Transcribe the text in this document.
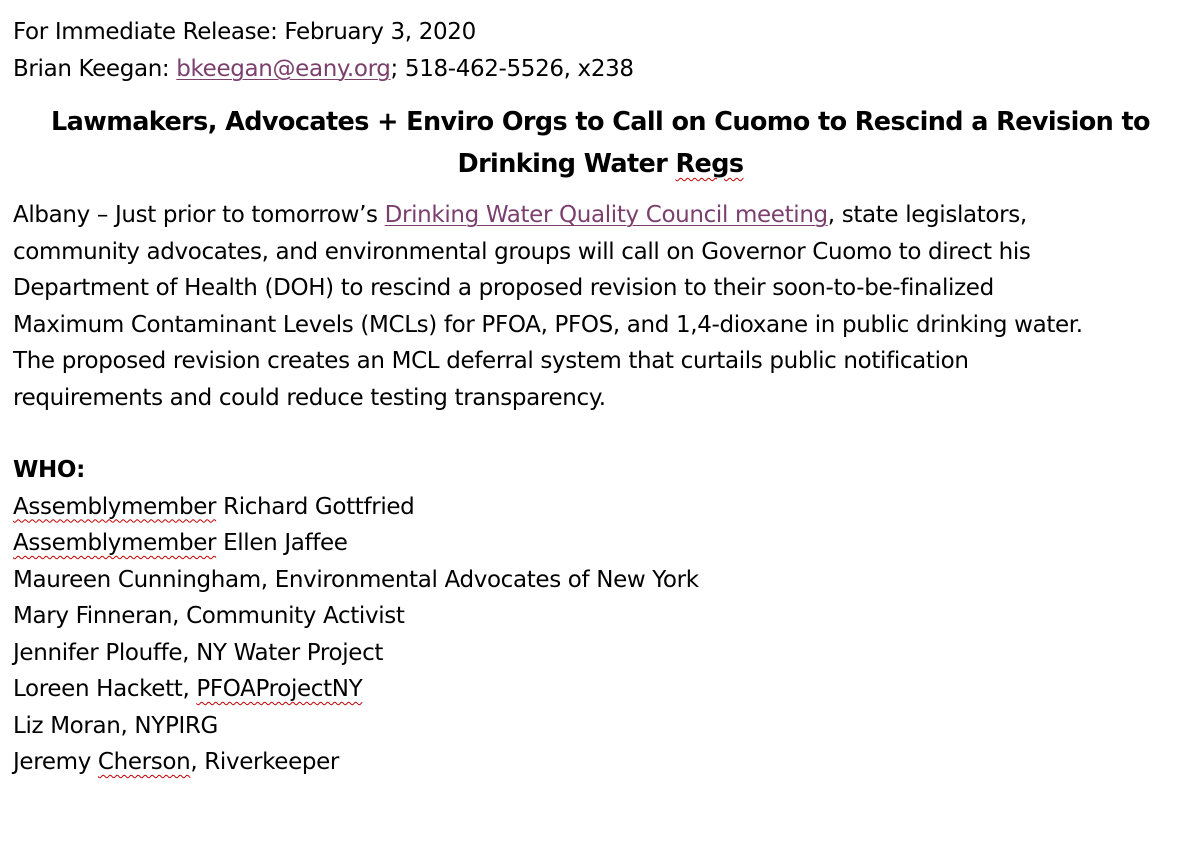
For Immediate Release: February 3, 2020
Brian Keegan: bkeegan@eany.org; 518-462-5526, x238
Lawmakers, Advocates + Enviro Orgs to Call on Cuomo to Rescind a Revision to
Drinking Water Regs
Albany – Just prior to tomorrow’s Drinking Water Quality Council meeting, state legislators,
community advocates, and environmental groups will call on Governor Cuomo to direct his
Department of Health (DOH) to rescind a proposed revision to their soon-to-be-finalized
Maximum Contaminant Levels (MCLs) for PFOA, PFOS, and 1,4-dioxane in public drinking water.
The proposed revision creates an MCL deferral system that curtails public notification
requirements and could reduce testing transparency.
WHO:
Assemblymember Richard Gottfried
Assemblymember Ellen Jaffee
Maureen Cunningham, Environmental Advocates of New York
Mary Finneran, Community Activist
Jennifer Plouffe, NY Water Project
Loreen Hackett, PFOAProjectNY
Liz Moran, NYPIRG
Jeremy Cherson, Riverkeeper
